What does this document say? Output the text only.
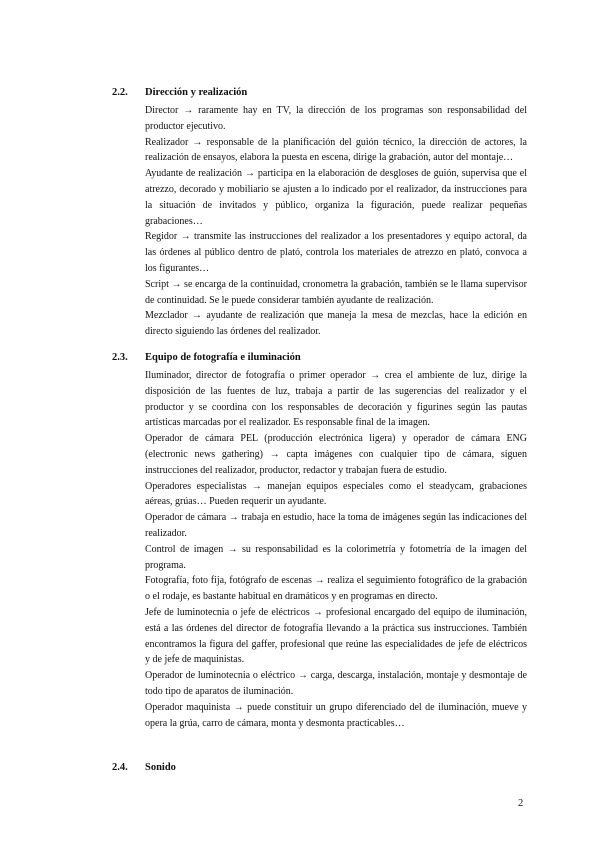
2.2. Dirección y realización

Director → raramente hay en TV, la dirección de los programas son responsabilidad del productor ejecutivo.

Realizador → responsable de la planificación del guión técnico, la dirección de actores, la realización de ensayos, elabora la puesta en escena, dirige la grabación, autor del montaje…

Ayudante de realización → participa en la elaboración de desgloses de guión, supervisa que el atrezzo, decorado y mobiliario se ajusten a lo indicado por el realizador, da instrucciones para la situación de invitados y público, organiza la figuración, puede realizar pequeñas grabaciones…

Regidor → transmite las instrucciones del realizador a los presentadores y equipo actoral, da las órdenes al público dentro de plató, controla los materiales de atrezzo en plató, convoca a los figurantes…

Script → se encarga de la continuidad, cronometra la grabación, también se le llama supervisor de continuidad. Se le puede considerar también ayudante de realización.

Mezclador → ayudante de realización que maneja la mesa de mezclas, hace la edición en directo siguiendo las órdenes del realizador.

2.3. Equipo de fotografía e iluminación

Iluminador, director de fotografía o primer operador → crea el ambiente de luz, dirige la disposición de las fuentes de luz, trabaja a partir de las sugerencias del realizador y el productor y se coordina con los responsables de decoración y figurines según las pautas artísticas marcadas por el realizador. Es responsable final de la imagen.

Operador de cámara PEL (producción electrónica ligera) y operador de cámara ENG (electronic news gathering) → capta imágenes con cualquier tipo de cámara, siguen instrucciones del realizador, productor, redactor y trabajan fuera de estudio.

Operadores especialistas → manejan equipos especiales como el steadycam, grabaciones aéreas, grúas… Pueden requerir un ayudante.

Operador de cámara → trabaja en estudio, hace la toma de imágenes según las indicaciones del realizador.

Control de imagen → su responsabilidad es la colorimetría y fotometría de la imagen del programa.

Fotografía, foto fija, fotógrafo de escenas → realiza el seguimiento fotográfico de la grabación o el rodaje, es bastante habitual en dramáticos y en programas en directo.

Jefe de luminotecnia o jefe de eléctricos → profesional encargado del equipo de iluminación, está a las órdenes del director de fotografía llevando a la práctica sus instrucciones. También encontramos la figura del gaffer, profesional que reúne las especialidades de jefe de eléctricos y de jefe de maquinistas.

Operador de luminotecnia o eléctrico → carga, descarga, instalación, montaje y desmontaje de todo tipo de aparatos de iluminación.

Operador maquinista → puede constituir un grupo diferenciado del de iluminación, mueve y opera la grúa, carro de cámara, monta y desmonta practicables…

2.4. Sonido
2
